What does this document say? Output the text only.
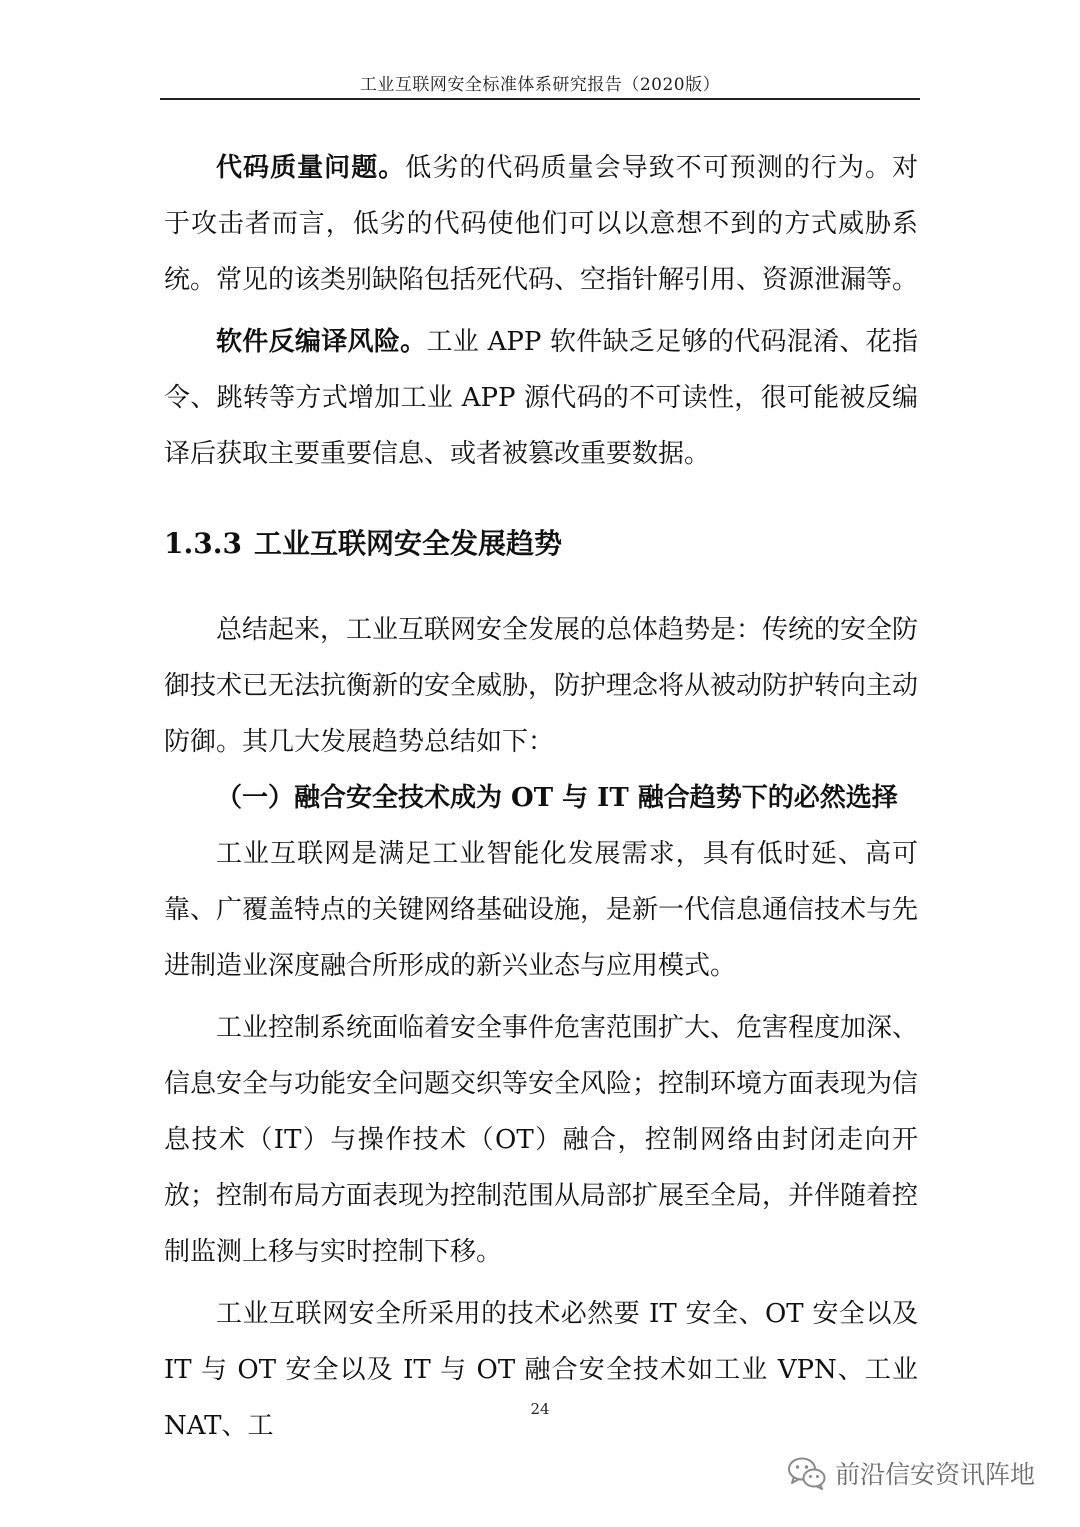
工业互联网安全标准体系研究报告（2020版）

代码质量问题。低劣的代码质量会导致不可预测的行为。对于攻击者而言，低劣的代码使他们可以以意想不到的方式威胁系统。常见的该类别缺陷包括死代码、空指针解引用、资源泄漏等。

软件反编译风险。工业 APP 软件缺乏足够的代码混淆、花指令、跳转等方式增加工业 APP 源代码的不可读性，很可能被反编译后获取主要重要信息、或者被篡改重要数据。

1.3.3 工业互联网安全发展趋势

总结起来，工业互联网安全发展的总体趋势是：传统的安全防御技术已无法抗衡新的安全威胁，防护理念将从被动防护转向主动防御。其几大发展趋势总结如下：

（一）融合安全技术成为 OT 与 IT 融合趋势下的必然选择

工业互联网是满足工业智能化发展需求，具有低时延、高可靠、广覆盖特点的关键网络基础设施，是新一代信息通信技术与先进制造业深度融合所形成的新兴业态与应用模式。

工业控制系统面临着安全事件危害范围扩大、危害程度加深、信息安全与功能安全问题交织等安全风险；控制环境方面表现为信息技术（IT）与操作技术（OT）融合，控制网络由封闭走向开放；控制布局方面表现为控制范围从局部扩展至全局，并伴随着控制监测上移与实时控制下移。

工业互联网安全所采用的技术必然要 IT 安全、OT 安全以及 IT 与 OT 安全以及 IT 与 OT 融合安全技术如工业 VPN、工业 NAT、工

24
前沿信安资讯阵地
